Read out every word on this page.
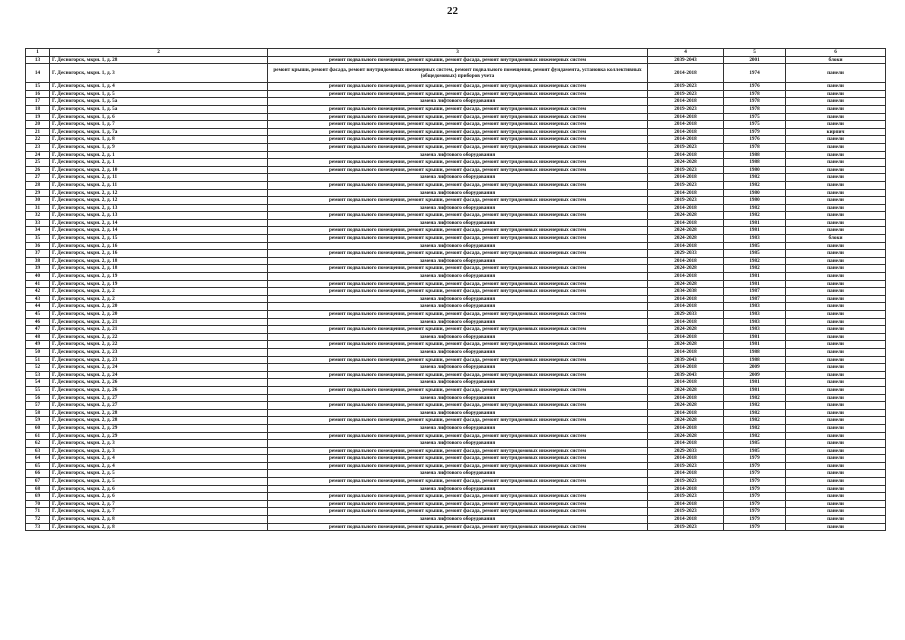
22
1	2	3	4	5	6
13	Г. Десногорск, мкрн. 1, д. 28	ремонт подвального помещения, ремонт крыши, ремонт фасада, ремонт внутридомовых инженерных систем	2039-2043	2001	блоки
14	Г. Десногорск, мкрн. 1, д. 3	ремонт крыши, ремонт фасада, ремонт внутридомовых инженерных систем, ремонт подвального помещения, ремонт фундамента, установка коллективных (общедомовых) приборов учета	2014-2018	1974	панели
15	Г. Десногорск, мкрн. 1, д. 4	ремонт подвального помещения, ремонт крыши, ремонт фасада, ремонт внутридомовых инженерных систем	2019-2023	1976	панели
16	Г. Десногорск, мкрн. 1, д. 5	ремонт подвального помещения, ремонт крыши, ремонт фасада, ремонт внутридомовых инженерных систем	2019-2023	1978	панели
17	Г. Десногорск, мкрн. 1, д. 5а	замена лифтового оборудования	2014-2018	1978	панели
18	Г. Десногорск, мкрн. 1, д. 5а	ремонт подвального помещения, ремонт крыши, ремонт фасада, ремонт внутридомовых инженерных систем	2019-2023	1978	панели
19	Г. Десногорск, мкрн. 1, д. 6	ремонт подвального помещения, ремонт крыши, ремонт фасада, ремонт внутридомовых инженерных систем	2014-2018	1975	панели
20	Г. Десногорск, мкрн. 1, д. 7	ремонт подвального помещения, ремонт крыши, ремонт фасада, ремонт внутридомовых инженерных систем	2014-2018	1975	панели
21	Г. Десногорск, мкрн. 1, д. 7а	ремонт подвального помещения, ремонт крыши, ремонт фасада, ремонт внутридомовых инженерных систем	2014-2018	1979	кирпич
22	Г. Десногорск, мкрн. 1, д. 8	ремонт подвального помещения, ремонт крыши, ремонт фасада, ремонт внутридомовых инженерных систем	2014-2018	1976	панели
23	Г. Десногорск, мкрн. 1, д. 9	ремонт подвального помещения, ремонт крыши, ремонт фасада, ремонт внутридомовых инженерных систем	2019-2023	1978	панели
24	Г. Десногорск, мкрн. 2, д. 1	замена лифтового оборудования	2014-2018	1988	панели
25	Г. Десногорск, мкрн. 2, д. 1	ремонт подвального помещения, ремонт крыши, ремонт фасада, ремонт внутридомовых инженерных систем	2024-2028	1988	панели
26	Г. Десногорск, мкрн. 2, д. 10	ремонт подвального помещения, ремонт крыши, ремонт фасада, ремонт внутридомовых инженерных систем	2019-2023	1980	панели
27	Г. Десногорск, мкрн. 2, д. 11	замена лифтового оборудования	2014-2018	1982	панели
28	Г. Десногорск, мкрн. 2, д. 11	ремонт подвального помещения, ремонт крыши, ремонт фасада, ремонт внутридомовых инженерных систем	2019-2023	1982	панели
29	Г. Десногорск, мкрн. 2, д. 12	замена лифтового оборудования	2014-2018	1980	панели
30	Г. Десногорск, мкрн. 2, д. 12	ремонт подвального помещения, ремонт крыши, ремонт фасада, ремонт внутридомовых инженерных систем	2019-2023	1980	панели
31	Г. Десногорск, мкрн. 2, д. 13	замена лифтового оборудования	2014-2018	1982	панели
32	Г. Десногорск, мкрн. 2, д. 13	ремонт подвального помещения, ремонт крыши, ремонт фасада, ремонт внутридомовых инженерных систем	2024-2028	1982	панели
33	Г. Десногорск, мкрн. 2, д. 14	замена лифтового оборудования	2014-2018	1981	панели
34	Г. Десногорск, мкрн. 2, д. 14	ремонт подвального помещения, ремонт крыши, ремонт фасада, ремонт внутридомовых инженерных систем	2024-2028	1981	панели
35	Г. Десногорск, мкрн. 2, д. 15	ремонт подвального помещения, ремонт крыши, ремонт фасада, ремонт внутридомовых инженерных систем	2024-2028	1983	блоки
36	Г. Десногорск, мкрн. 2, д. 16	замена лифтового оборудования	2014-2018	1985	панели
37	Г. Десногорск, мкрн. 2, д. 16	ремонт подвального помещения, ремонт крыши, ремонт фасада, ремонт внутридомовых инженерных систем	2029-2033	1985	панели
38	Г. Десногорск, мкрн. 2, д. 18	замена лифтового оборудования	2014-2018	1982	панели
39	Г. Десногорск, мкрн. 2, д. 18	ремонт подвального помещения, ремонт крыши, ремонт фасада, ремонт внутридомовых инженерных систем	2024-2028	1982	панели
40	Г. Десногорск, мкрн. 2, д. 19	замена лифтового оборудования	2014-2018	1981	панели
41	Г. Десногорск, мкрн. 2, д. 19	ремонт подвального помещения, ремонт крыши, ремонт фасада, ремонт внутридомовых инженерных систем	2024-2028	1981	панели
42	Г. Десногорск, мкрн. 2, д. 2	ремонт подвального помещения, ремонт крыши, ремонт фасада, ремонт внутридомовых инженерных систем	2034-2038	1987	панели
43	Г. Десногорск, мкрн. 2, д. 2	замена лифтового оборудования	2014-2018	1987	панели
44	Г. Десногорск, мкрн. 2, д. 20	замена лифтового оборудования	2014-2018	1983	панели
45	Г. Десногорск, мкрн. 2, д. 20	ремонт подвального помещения, ремонт крыши, ремонт фасада, ремонт внутридомовых инженерных систем	2029-2033	1983	панели
46	Г. Десногорск, мкрн. 2, д. 21	замена лифтового оборудования	2014-2018	1983	панели
47	Г. Десногорск, мкрн. 2, д. 21	ремонт подвального помещения, ремонт крыши, ремонт фасада, ремонт внутридомовых инженерных систем	2024-2028	1983	панели
48	Г. Десногорск, мкрн. 2, д. 22	замена лифтового оборудования	2014-2018	1981	панели
49	Г. Десногорск, мкрн. 2, д. 22	ремонт подвального помещения, ремонт крыши, ремонт фасада, ремонт внутридомовых инженерных систем	2024-2028	1981	панели
50	Г. Десногорск, мкрн. 2, д. 23	замена лифтового оборудования	2014-2018	1988	панели
51	Г. Десногорск, мкрн. 2, д. 23	ремонт подвального помещения, ремонт крыши, ремонт фасада, ремонт внутридомовых инженерных систем	2039-2043	1988	панели
52	Г. Десногорск, мкрн. 2, д. 24	замена лифтового оборудования	2014-2018	2009	панели
53	Г. Десногорск, мкрн. 2, д. 24	ремонт подвального помещения, ремонт крыши, ремонт фасада, ремонт внутридомовых инженерных систем	2039-2043	2009	панели
54	Г. Десногорск, мкрн. 2, д. 26	замена лифтового оборудования	2014-2018	1981	панели
55	Г. Десногорск, мкрн. 2, д. 26	ремонт подвального помещения, ремонт крыши, ремонт фасада, ремонт внутридомовых инженерных систем	2024-2028	1981	панели
56	Г. Десногорск, мкрн. 2, д. 27	замена лифтового оборудования	2014-2018	1982	панели
57	Г. Десногорск, мкрн. 2, д. 27	ремонт подвального помещения, ремонт крыши, ремонт фасада, ремонт внутридомовых инженерных систем	2024-2028	1982	панели
58	Г. Десногорск, мкрн. 2, д. 28	замена лифтового оборудования	2014-2018	1982	панели
59	Г. Десногорск, мкрн. 2, д. 28	ремонт подвального помещения, ремонт крыши, ремонт фасада, ремонт внутридомовых инженерных систем	2024-2028	1982	панели
60	Г. Десногорск, мкрн. 2, д. 29	замена лифтового оборудования	2014-2018	1982	панели
61	Г. Десногорск, мкрн. 2, д. 29	ремонт подвального помещения, ремонт крыши, ремонт фасада, ремонт внутридомовых инженерных систем	2024-2028	1982	панели
62	Г. Десногорск, мкрн. 2, д. 3	замена лифтового оборудования	2014-2018	1985	панели
63	Г. Десногорск, мкрн. 2, д. 3	ремонт подвального помещения, ремонт крыши, ремонт фасада, ремонт внутридомовых инженерных систем	2029-2033	1985	панели
64	Г. Десногорск, мкрн. 2, д. 4	ремонт подвального помещения, ремонт крыши, ремонт фасада, ремонт внутридомовых инженерных систем	2014-2018	1979	панели
65	Г. Десногорск, мкрн. 2, д. 4	ремонт подвального помещения, ремонт крыши, ремонт фасада, ремонт внутридомовых инженерных систем	2019-2023	1979	панели
66	Г. Десногорск, мкрн. 2, д. 5	замена лифтового оборудования	2014-2018	1979	панели
67	Г. Десногорск, мкрн. 2, д. 5	ремонт подвального помещения, ремонт крыши, ремонт фасада, ремонт внутридомовых инженерных систем	2019-2023	1979	панели
68	Г. Десногорск, мкрн. 2, д. 6	замена лифтового оборудования	2014-2018	1979	панели
69	Г. Десногорск, мкрн. 2, д. 6	ремонт подвального помещения, ремонт крыши, ремонт фасада, ремонт внутридомовых инженерных систем	2019-2023	1979	панели
70	Г. Десногорск, мкрн. 2, д. 7	ремонт подвального помещения, ремонт крыши, ремонт фасада, ремонт внутридомовых инженерных систем	2014-2018	1979	панели
71	Г. Десногорск, мкрн. 2, д. 7	ремонт подвального помещения, ремонт крыши, ремонт фасада, ремонт внутридомовых инженерных систем	2019-2023	1979	панели
72	Г. Десногорск, мкрн. 2, д. 8	замена лифтового оборудования	2014-2018	1979	панели
73	Г. Десногорск, мкрн. 2, д. 8	ремонт подвального помещения, ремонт крыши, ремонт фасада, ремонт внутридомовых инженерных систем	2019-2023	1979	панели
